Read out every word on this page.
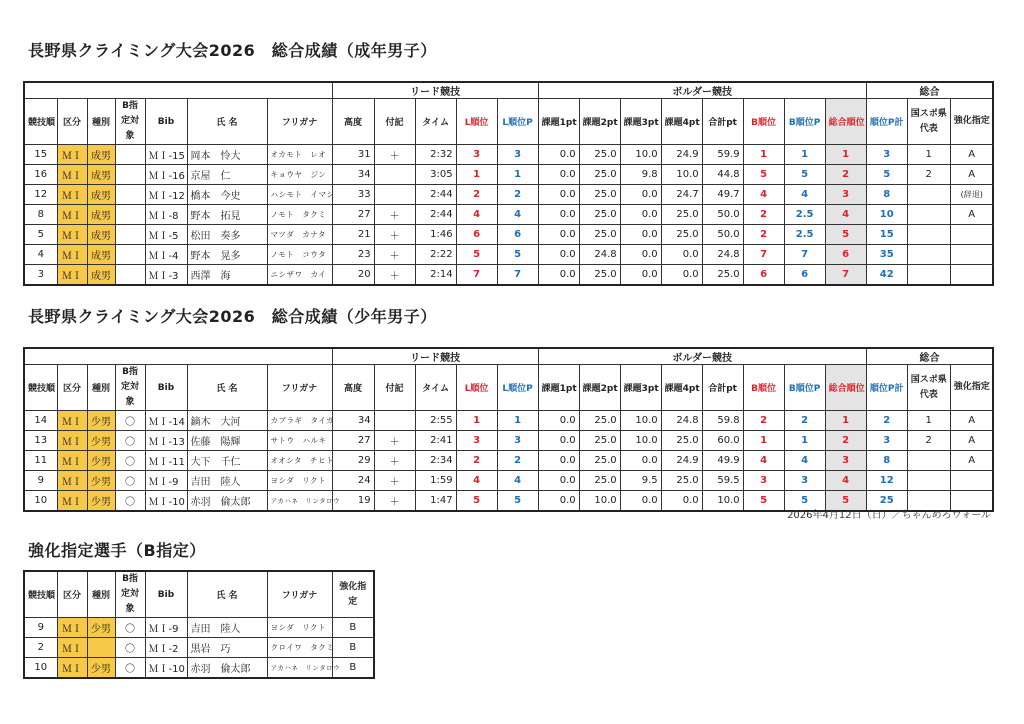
長野県クライミング大会2026　総合成績（成年男子）
							リード競技					ボルダー競技								総合		
競技順	区分	種別	B指定対象	Bib	氏 名	フリガナ	高度	付記	タイム	L順位	L順位P	課題1pt	課題2pt	課題3pt	課題4pt	合計pt	B順位	B順位P	総合順位	順位P計	国スポ県代表	強化指定
15	ＭＩ	成男		ＭＩ-15	岡本　怜大	オカモト　レオ	31	＋	2:32	3	3	0.0	25.0	10.0	24.9	59.9	1	1	1	3	1	A
16	ＭＩ	成男		ＭＩ-16	京屋　仁	キョウヤ　ジン	34		3:05	1	1	0.0	25.0	9.8	10.0	44.8	5	5	2	5	2	A
12	ＭＩ	成男		ＭＩ-12	橋本　今史	ハシモト　イマシ	33		2:44	2	2	0.0	25.0	0.0	24.7	49.7	4	4	3	8		(辞退)
8	ＭＩ	成男		ＭＩ-8	野本　拓見	ノモト　タクミ	27	＋	2:44	4	4	0.0	25.0	0.0	25.0	50.0	2	2.5	4	10		A
5	ＭＩ	成男		ＭＩ-5	松田　奏多	マツダ　カナタ	21	＋	1:46	6	6	0.0	25.0	0.0	25.0	50.0	2	2.5	5	15		
4	ＭＩ	成男		ＭＩ-4	野本　晃多	ノモト　コウタ	23	＋	2:22	5	5	0.0	24.8	0.0	0.0	24.8	7	7	6	35		
3	ＭＩ	成男		ＭＩ-3	西澤　海	ニシザワ　カイ	20	＋	2:14	7	7	0.0	25.0	0.0	0.0	25.0	6	6	7	42		
長野県クライミング大会2026　総合成績（少年男子）
							リード競技					ボルダー競技								総合		
競技順	区分	種別	B指定対象	Bib	氏 名	フリガナ	高度	付記	タイム	L順位	L順位P	課題1pt	課題2pt	課題3pt	課題4pt	合計pt	B順位	B順位P	総合順位	順位P計	国スポ県代表	強化指定
14	ＭＩ	少男	〇	ＭＩ-14	鏑木　大河	カブラギ　タイガ	34		2:55	1	1	0.0	25.0	10.0	24.8	59.8	2	2	1	2	1	A
13	ＭＩ	少男	〇	ＭＩ-13	佐藤　陽輝	サトウ　ハルキ	27	＋	2:41	3	3	0.0	25.0	10.0	25.0	60.0	1	1	2	3	2	A
11	ＭＩ	少男	〇	ＭＩ-11	大下　千仁	オオシタ　チヒト	29	＋	2:34	2	2	0.0	25.0	0.0	24.9	49.9	4	4	3	8		A
9	ＭＩ	少男	〇	ＭＩ-9	吉田　陸人	ヨシダ　リクト	24	＋	1:59	4	4	0.0	25.0	9.5	25.0	59.5	3	3	4	12		
10	ＭＩ	少男	〇	ＭＩ-10	赤羽　倫太郎	アカハネ　リンタロウ	19	＋	1:47	5	5	0.0	10.0	0.0	0.0	10.0	5	5	5	25		
2026年4月12日（日）／ちゃんめろウォール
強化指定選手（B指定）
競技順	区分	種別	B指定対象	Bib	氏 名	フリガナ	強化指定
9	ＭＩ	少男	〇	ＭＩ-9	吉田　陸人	ヨシダ　リクト	B
2	ＭＩ		〇	ＭＩ-2	黒岩　巧	クロイワ　タクミ	B
10	ＭＩ	少男	〇	ＭＩ-10	赤羽　倫太郎	アカハネ　リンタロウ	B
